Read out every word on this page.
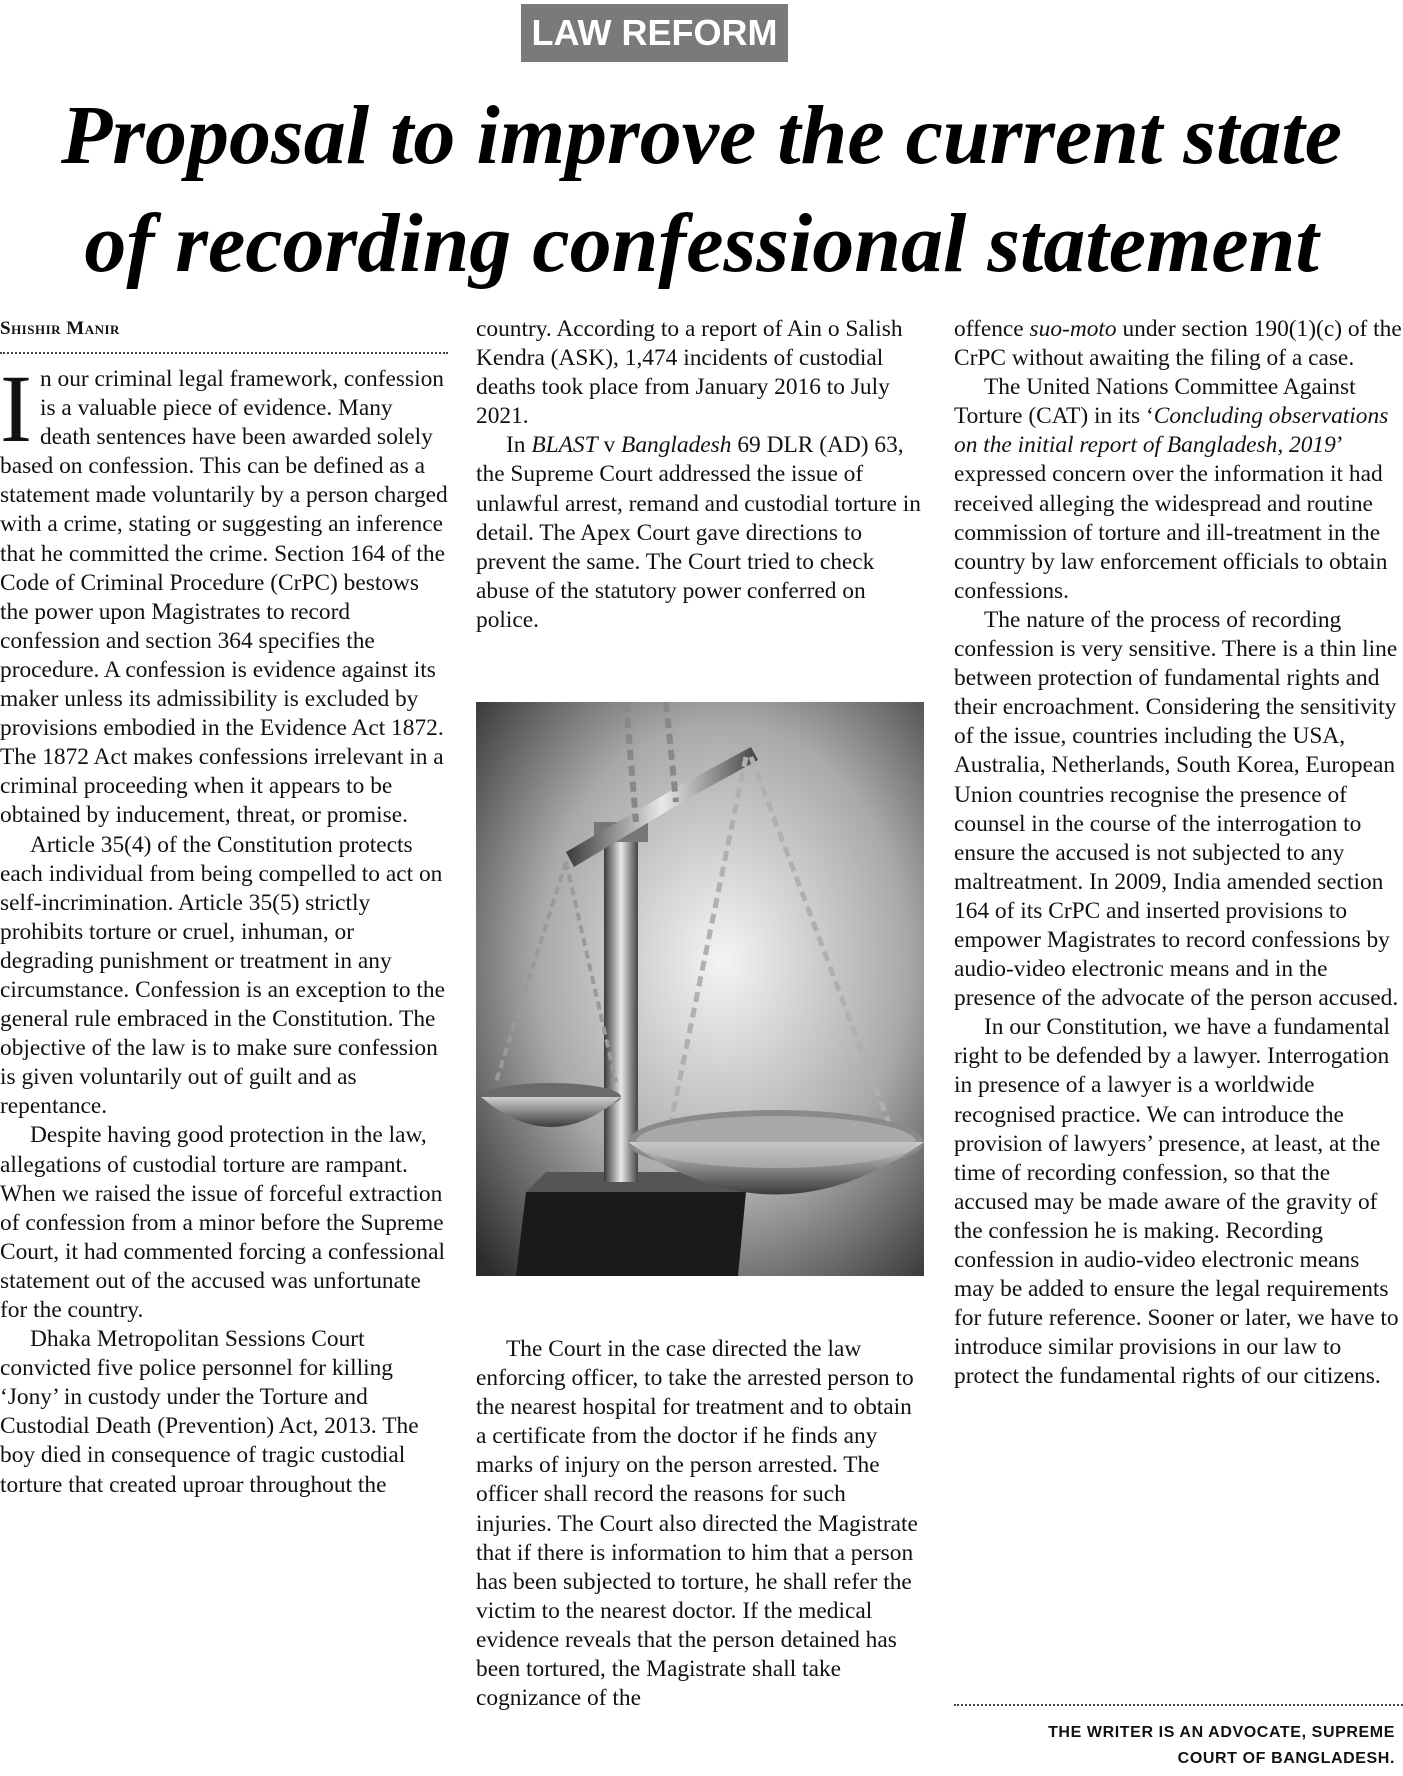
LAW REFORM
Proposal to improve the current state
of recording confessional statement
Shishir Manir

In our criminal legal framework, confession is a valuable piece of evidence. Many death sentences have been awarded solely based on confession. This can be defined as a statement made voluntarily by a person charged with a crime, stating or suggesting an inference that he committed the crime. Section 164 of the Code of Criminal Procedure (CrPC) bestows the power upon Magistrates to record confession and section 364 specifies the procedure. A confession is evidence against its maker unless its admissibility is excluded by provisions embodied in the Evidence Act 1872. The 1872 Act makes confessions irrelevant in a criminal proceeding when it appears to be obtained by inducement, threat, or promise.

Article 35(4) of the Constitution protects each individual from being compelled to act on self-incrimination. Article 35(5) strictly prohibits torture or cruel, inhuman, or degrading punishment or treatment in any circumstance. Confession is an exception to the general rule embraced in the Constitution. The objective of the law is to make sure confession is given voluntarily out of guilt and as repentance.

Despite having good protection in the law, allegations of custodial torture are rampant. When we raised the issue of forceful extraction of confession from a minor before the Supreme Court, it had commented forcing a confessional statement out of the accused was unfortunate for the country.

Dhaka Metropolitan Sessions Court convicted five police personnel for killing ‘Jony’ in custody under the Torture and Custodial Death (Prevention) Act, 2013. The boy died in consequence of tragic custodial torture that created uproar throughout the

country. According to a report of Ain o Salish Kendra (ASK), 1,474 incidents of custodial deaths took place from January 2016 to July 2021.

In BLAST v Bangladesh 69 DLR (AD) 63, the Supreme Court addressed the issue of unlawful arrest, remand and custodial torture in detail. The Apex Court gave directions to prevent the same. The Court tried to check abuse of the statutory power conferred on police.

The Court in the case directed the law enforcing officer, to take the arrested person to the nearest hospital for treatment and to obtain a certificate from the doctor if he finds any marks of injury on the person arrested. The officer shall record the reasons for such injuries. The Court also directed the Magistrate that if there is information to him that a person has been subjected to torture, he shall refer the victim to the nearest doctor. If the medical evidence reveals that the person detained has been tortured, the Magistrate shall take cognizance of the

offence suo-moto under section 190(1)(c) of the CrPC without awaiting the filing of a case.

The United Nations Committee Against Torture (CAT) in its ‘Concluding observations on the initial report of Bangladesh, 2019’ expressed concern over the information it had received alleging the widespread and routine commission of torture and ill-treatment in the country by law enforcement officials to obtain confessions.

The nature of the process of recording confession is very sensitive. There is a thin line between protection of fundamental rights and their encroachment. Considering the sensitivity of the issue, countries including the USA, Australia, Netherlands, South Korea, European Union countries recognise the presence of counsel in the course of the interrogation to ensure the accused is not subjected to any maltreatment. In 2009, India amended section 164 of its CrPC and inserted provisions to empower Magistrates to record confessions by audio-video electronic means and in the presence of the advocate of the person accused.

In our Constitution, we have a fundamental right to be defended by a lawyer. Interrogation in presence of a lawyer is a worldwide recognised practice. We can introduce the provision of lawyers’ presence, at least, at the time of recording confession, so that the accused may be made aware of the gravity of the confession he is making. Recording confession in audio-video electronic means may be added to ensure the legal requirements for future reference. Sooner or later, we have to introduce similar provisions in our law to protect the fundamental rights of our citizens.

THE WRITER IS AN ADVOCATE, SUPREME
COURT OF BANGLADESH.
